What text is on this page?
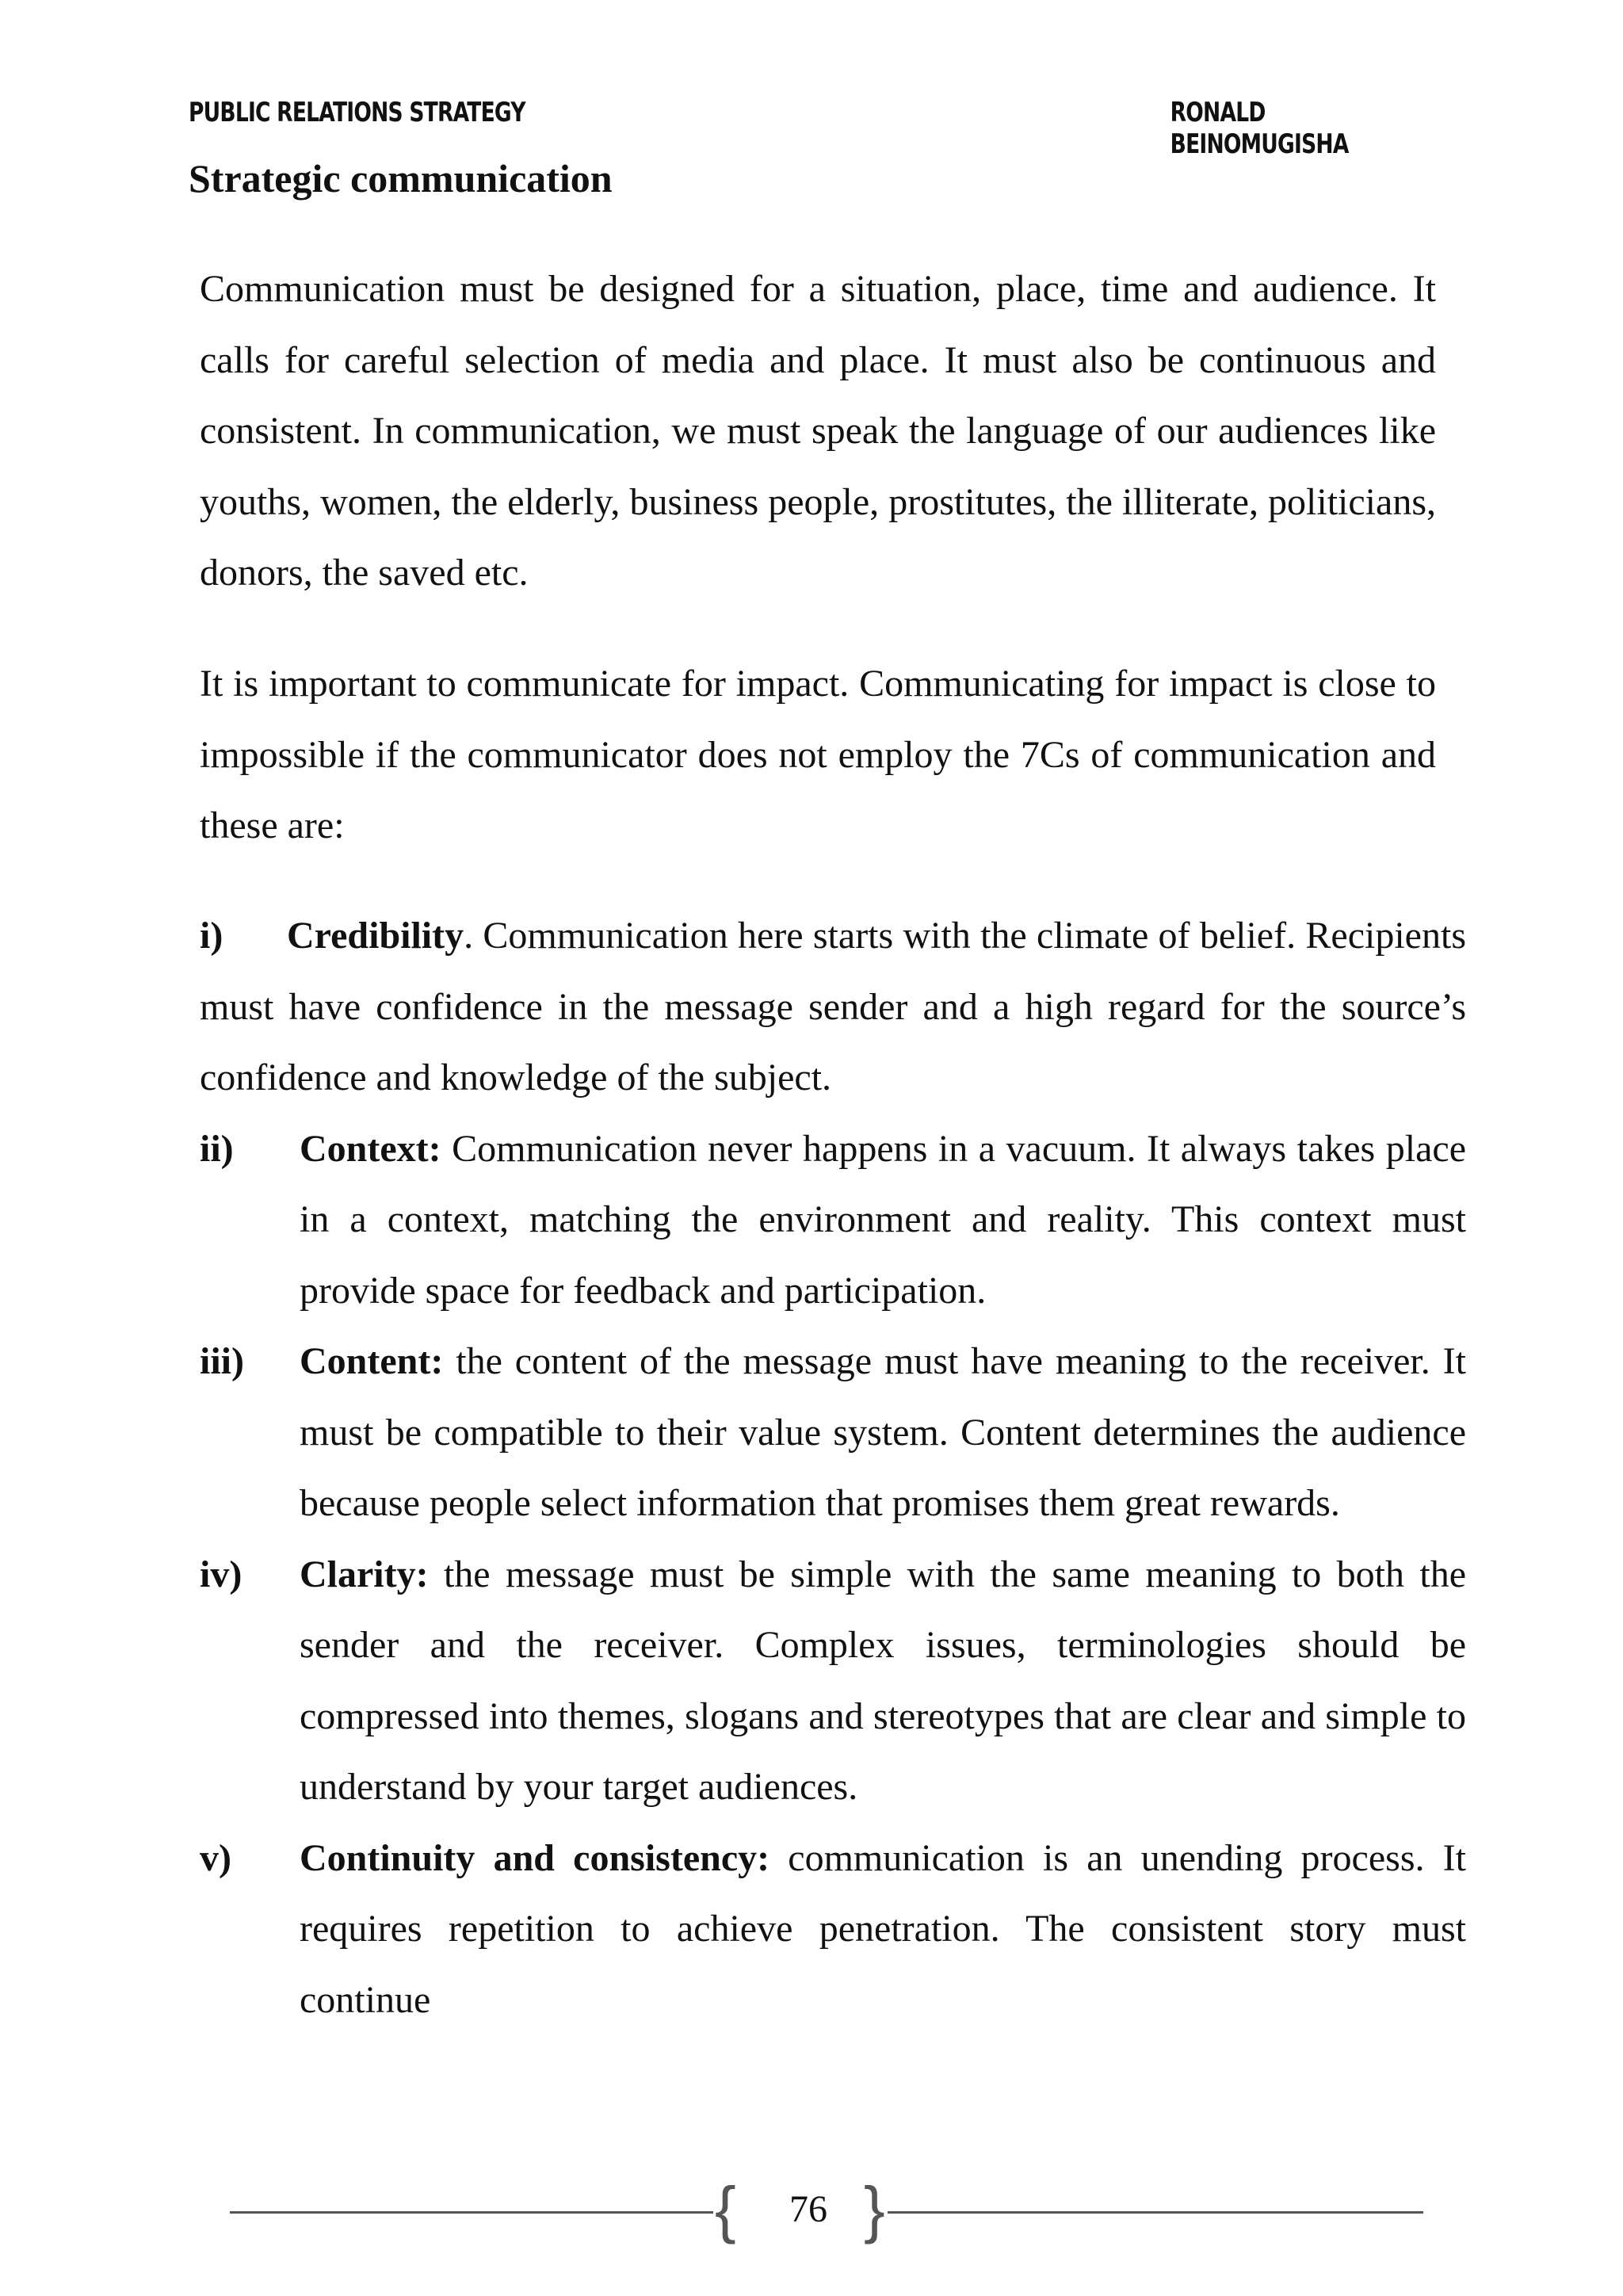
PUBLIC RELATIONS STRATEGY	RONALD BEINOMUGISHA
Strategic communication

Communication must be designed for a situation, place, time and audience. It calls for careful selection of media and place. It must also be continuous and consistent. In communication, we must speak the language of our audiences like youths, women, the elderly, business people, prostitutes, the illiterate, politicians, donors, the saved etc.

It is important to communicate for impact. Communicating for impact is close to impossible if the communicator does not employ the 7Cs of communication and these are:

i) Credibility. Communication here starts with the climate of belief. Recipients must have confidence in the message sender and a high regard for the source’s confidence and knowledge of the subject.
ii) Context: Communication never happens in a vacuum. It always takes place in a context, matching the environment and reality. This context must provide space for feedback and participation.
iii) Content: the content of the message must have meaning to the receiver. It must be compatible to their value system. Content determines the audience because people select information that promises them great rewards.
iv) Clarity: the message must be simple with the same meaning to both the sender and the receiver. Complex issues, terminologies should be compressed into themes, slogans and stereotypes that are clear and simple to understand by your target audiences.
v) Continuity and consistency: communication is an unending process. It requires repetition to achieve penetration. The consistent story must continue
{	76 }
